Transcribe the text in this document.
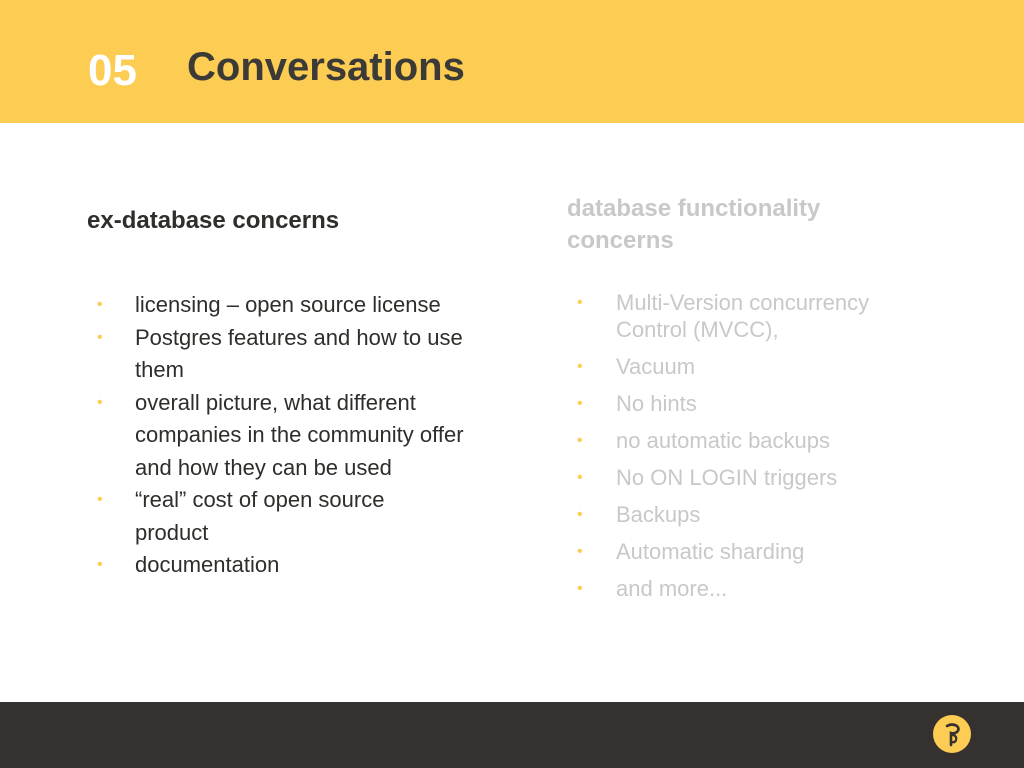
05 Conversations
ex-database concerns
• licensing – open source license
• Postgres features and how to use them
• overall picture, what different companies in the community offer and how they can be used
• “real” cost of open source product
• documentation
database functionality concerns
• Multi-Version concurrency Control (MVCC),
• Vacuum
• No hints
• no automatic backups
• No ON LOGIN triggers
• Backups
• Automatic sharding
• and more...
